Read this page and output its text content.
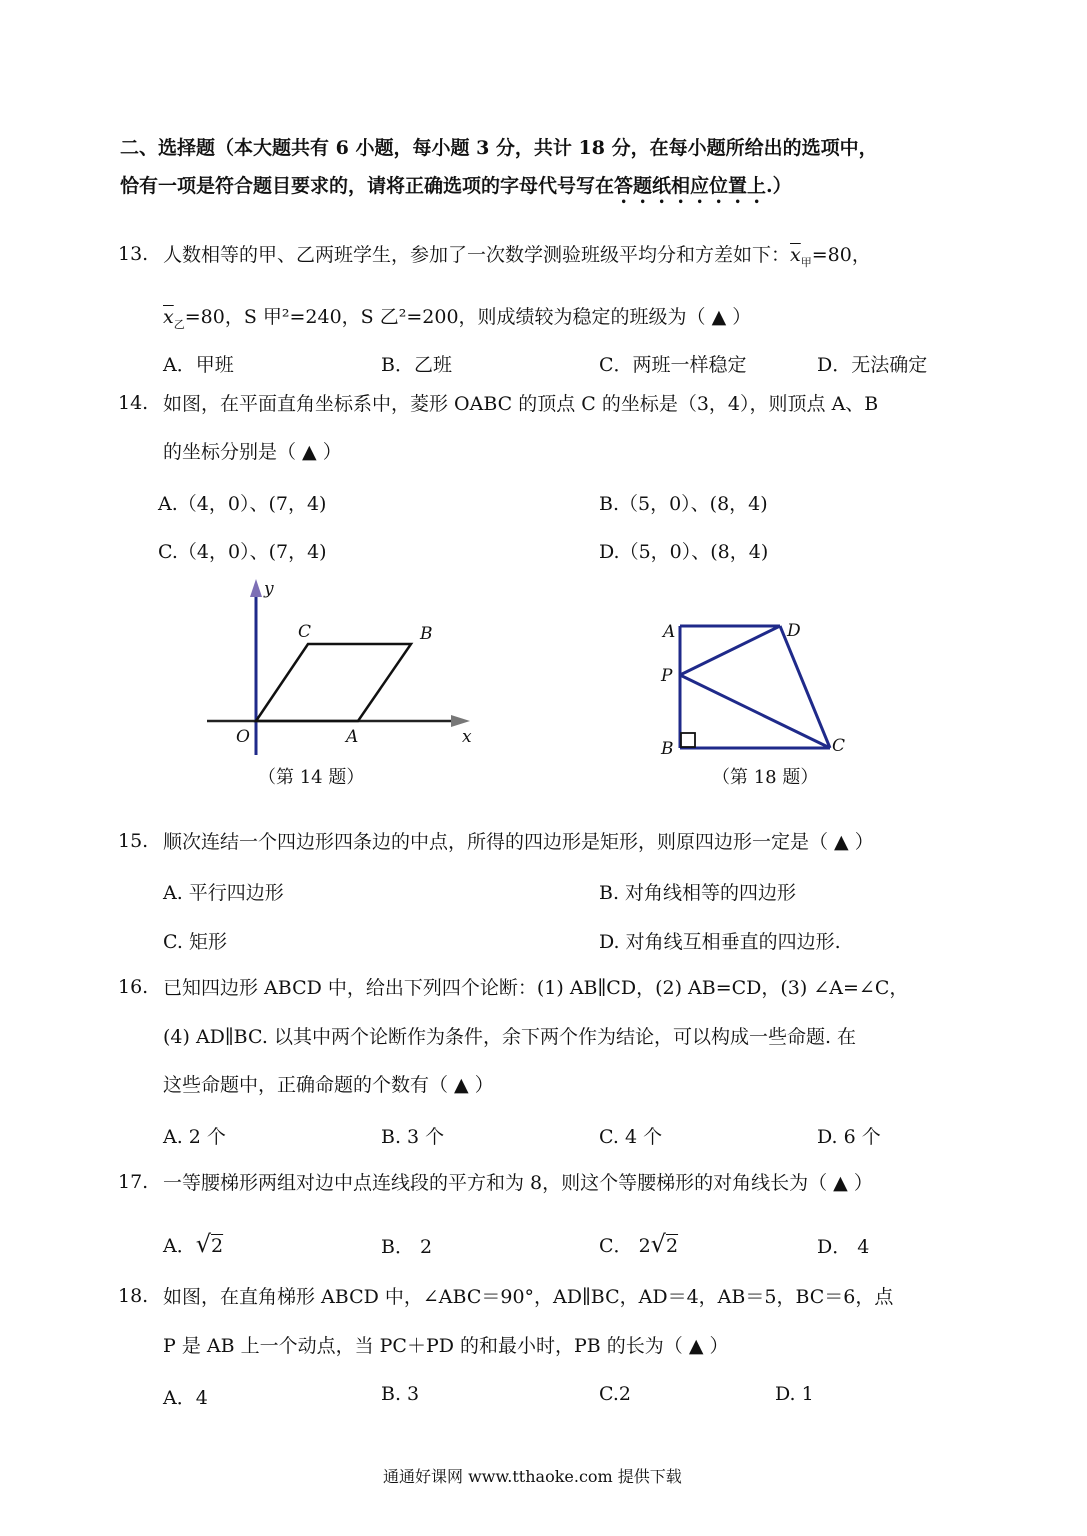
二、选择题（本大题共有 6 小题，每小题 3 分，共计 18 分，在每小题所给出的选项中，
恰有一项是符合题目要求的，请将正确选项的字母代号写在答题纸相应位置上.）
13. 人数相等的甲、乙两班学生，参加了一次数学测验班级平均分和方差如下：$\overline{x}_甲=80$，
$\overline{x}_乙=80$，S 甲²=240，S 乙²=200，则成绩较为稳定的班级为（ ▲ ）
A．甲班	B．乙班	C．两班一样稳定	D．无法确定
14. 如图，在平面直角坐标系中，菱形 OABC 的顶点 C 的坐标是（3，4），则顶点 A、B
的坐标分别是（ ▲ ）
A.（4，0）、(7，4)	B.（5，0）、(8，4)
C.（4，0）、(7，4)	D.（5，0）、(8，4)
y
C	B
O	A	x
（第 14 题）
A	D
P
B	C
（第 18 题）
15. 顺次连结一个四边形四条边的中点，所得的四边形是矩形，则原四边形一定是（ ▲ ）
A. 平行四边形	B. 对角线相等的四边形
C. 矩形	D. 对角线互相垂直的四边形.
16. 已知四边形 ABCD 中，给出下列四个论断：(1) AB∥CD，(2) AB=CD，(3) ∠A=∠C，
(4) AD∥BC. 以其中两个论断作为条件，余下两个作为结论，可以构成一些命题. 在
这些命题中，正确命题的个数有（ ▲ ）
A. 2 个	B. 3 个	C. 4 个	D. 6 个
17. 一等腰梯形两组对边中点连线段的平方和为 8，则这个等腰梯形的对角线长为（ ▲ ）
A．√2	B． 2	C． 2√2	D． 4
18. 如图，在直角梯形 ABCD 中，∠ABC＝90°，AD∥BC，AD＝4，AB＝5，BC＝6，点
P 是 AB 上一个动点，当 PC＋PD 的和最小时，PB 的长为（ ▲ ）
A．4	B. 3	C.2	D. 1
通通好课网 www.tthaoke.com 提供下载
